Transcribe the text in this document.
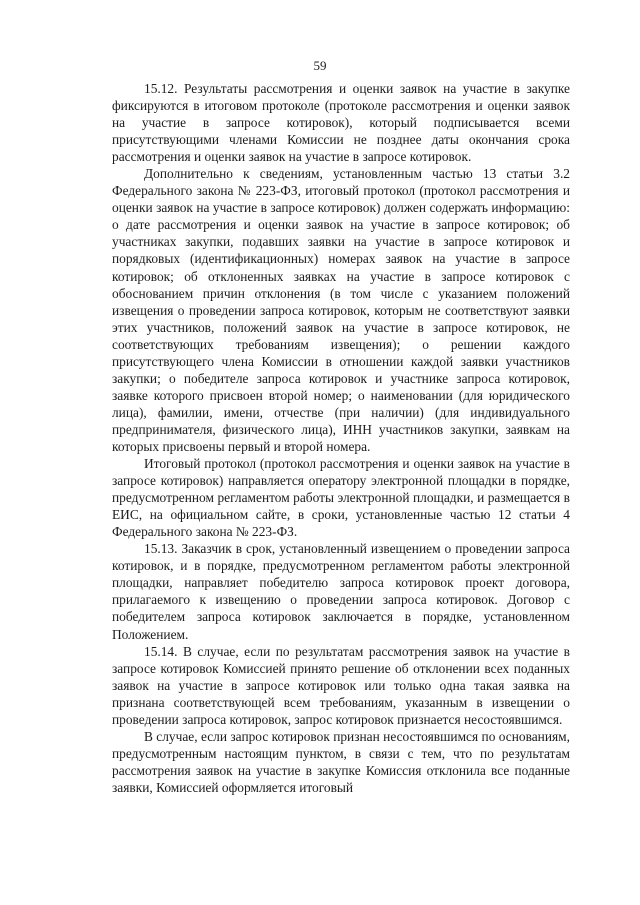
59

15.12. Результаты рассмотрения и оценки заявок на участие в закупке фиксируются в итоговом протоколе (протоколе рассмотрения и оценки заявок на участие в запросе котировок), который подписывается всеми присутствующими членами Комиссии не позднее даты окончания срока рассмотрения и оценки заявок на участие в запросе котировок.

Дополнительно к сведениям, установленным частью 13 статьи 3.2 Федерального закона № 223-ФЗ, итоговый протокол (протокол рассмотрения и оценки заявок на участие в запросе котировок) должен содержать информацию: о дате рассмотрения и оценки заявок на участие в запросе котировок; об участниках закупки, подавших заявки на участие в запросе котировок и порядковых (идентификационных) номерах заявок на участие в запросе котировок; об отклоненных заявках на участие в запросе котировок с обоснованием причин отклонения (в том числе с указанием положений извещения о проведении запроса котировок, которым не соответствуют заявки этих участников, положений заявок на участие в запросе котировок, не соответствующих требованиям извещения); о решении каждого присутствующего члена Комиссии в отношении каждой заявки участников закупки; о победителе запроса котировок и участнике запроса котировок, заявке которого присвоен второй номер; о наименовании (для юридического лица), фамилии, имени, отчестве (при наличии) (для индивидуального предпринимателя, физического лица), ИНН участников закупки, заявкам на которых присвоены первый и второй номера.

Итоговый протокол (протокол рассмотрения и оценки заявок на участие в запросе котировок) направляется оператору электронной площадки в порядке, предусмотренном регламентом работы электронной площадки, и размещается в ЕИС, на официальном сайте, в сроки, установленные частью 12 статьи 4 Федерального закона № 223-ФЗ.

15.13. Заказчик в срок, установленный извещением о проведении запроса котировок, и в порядке, предусмотренном регламентом работы электронной площадки, направляет победителю запроса котировок проект договора, прилагаемого к извещению о проведении запроса котировок. Договор с победителем запроса котировок заключается в порядке, установленном Положением.

15.14. В случае, если по результатам рассмотрения заявок на участие в запросе котировок Комиссией принято решение об отклонении всех поданных заявок на участие в запросе котировок или только одна такая заявка на признана соответствующей всем требованиям, указанным в извещении о проведении запроса котировок, запрос котировок признается несостоявшимся.

В случае, если запрос котировок признан несостоявшимся по основаниям, предусмотренным настоящим пунктом, в связи с тем, что по результатам рассмотрения заявок на участие в закупке Комиссия отклонила все поданные заявки, Комиссией оформляется итоговый
